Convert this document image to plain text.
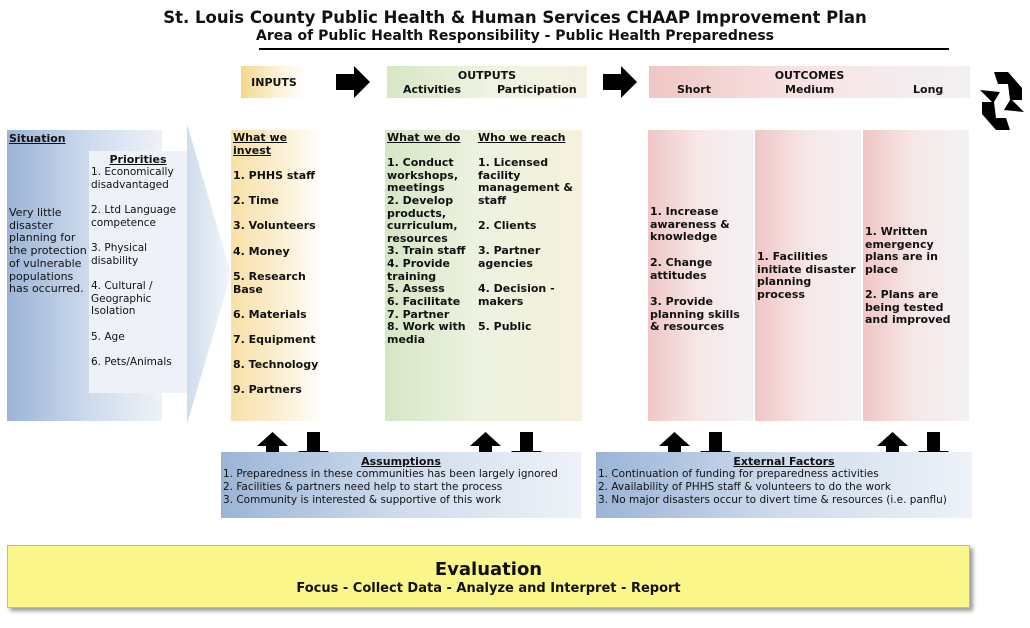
St. Louis County Public Health & Human Services CHAAP Improvement Plan
Area of Public Health Responsibility - Public Health Preparedness
INPUTS	OUTPUTS
Activities	Participation
OUTCOMES
Short	Medium	Long
Situation
Very little disaster planning for the protection of vulnerable populations has occurred.
Priorities
1. Economically disadvantaged
2. Ltd Language competence
3. Physical disability
4. Cultural / Geographic Isolation
5. Age
6. Pets/Animals
What we invest
1. PHHS staff
2. Time
3. Volunteers
4. Money
5. Research Base
6. Materials
7. Equipment
8. Technology
9. Partners
What we do
1. Conduct workshops, meetings
2. Develop products, curriculum, resources
3. Train staff
4. Provide training
5. Assess
6. Facilitate
7. Partner
8. Work with media
Who we reach
1. Licensed facility management & staff
2. Clients
3. Partner agencies
4. Decision - makers
5. Public
1. Increase awareness & knowledge
2. Change attitudes
3. Provide planning skills & resources
1. Facilities initiate disaster planning process
1. Written emergency plans are in place
2. Plans are being tested and improved
Assumptions
1. Preparedness in these communities has been largely ignored
2. Facilities & partners need help to start the process
3. Community is interested & supportive of this work
External Factors
1. Continuation of funding for preparedness activities
2. Availability of PHHS staff & volunteers to do the work
3. No major disasters occur to divert time & resources (i.e. panflu)
Evaluation
Focus - Collect Data - Analyze and Interpret - Report
